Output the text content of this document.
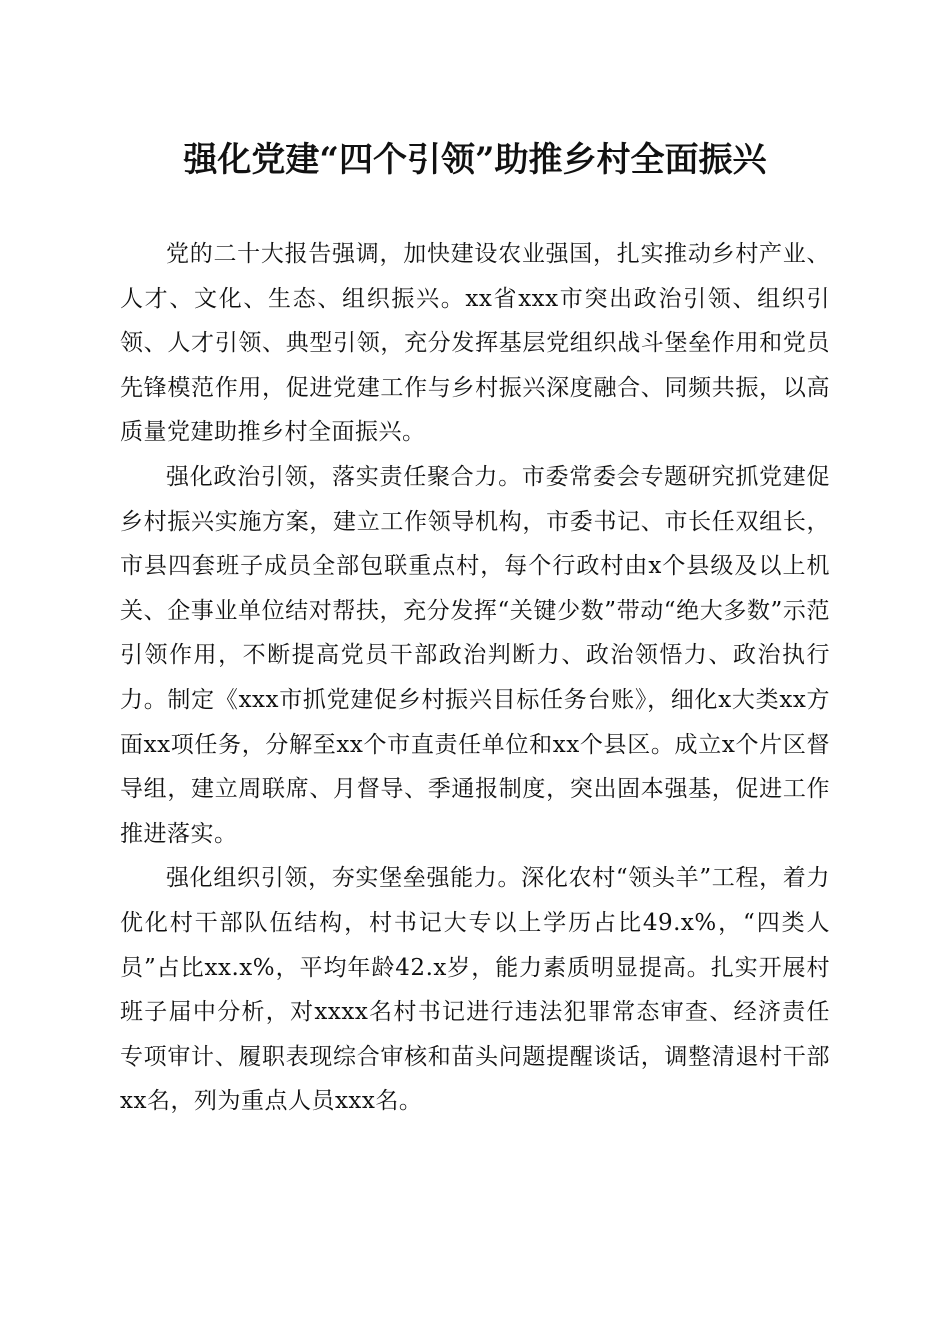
强化党建“四个引领”助推乡村全面振兴

党的二十大报告强调，加快建设农业强国，扎实推动乡村产业、人才、文化、生态、组织振兴。xx省xxx市突出政治引领、组织引领、人才引领、典型引领，充分发挥基层党组织战斗堡垒作用和党员先锋模范作用，促进党建工作与乡村振兴深度融合、同频共振，以高质量党建助推乡村全面振兴。

强化政治引领，落实责任聚合力。市委常委会专题研究抓党建促乡村振兴实施方案，建立工作领导机构，市委书记、市长任双组长，市县四套班子成员全部包联重点村，每个行政村由x个县级及以上机关、企事业单位结对帮扶，充分发挥“关键少数”带动“绝大多数”示范引领作用，不断提高党员干部政治判断力、政治领悟力、政治执行力。制定《xxx市抓党建促乡村振兴目标任务台账》，细化x大类xx方面xx项任务，分解至xx个市直责任单位和xx个县区。成立x个片区督导组，建立周联席、月督导、季通报制度，突出固本强基，促进工作推进落实。

强化组织引领，夯实堡垒强能力。深化农村“领头羊”工程，着力优化村干部队伍结构，村书记大专以上学历占比49.x%，“四类人员”占比xx.x%，平均年龄42.x岁，能力素质明显提高。扎实开展村班子届中分析，对xxxx名村书记进行违法犯罪常态审查、经济责任专项审计、履职表现综合审核和苗头问题提醒谈话，调整清退村干部xx名，列为重点人员xxx名。
